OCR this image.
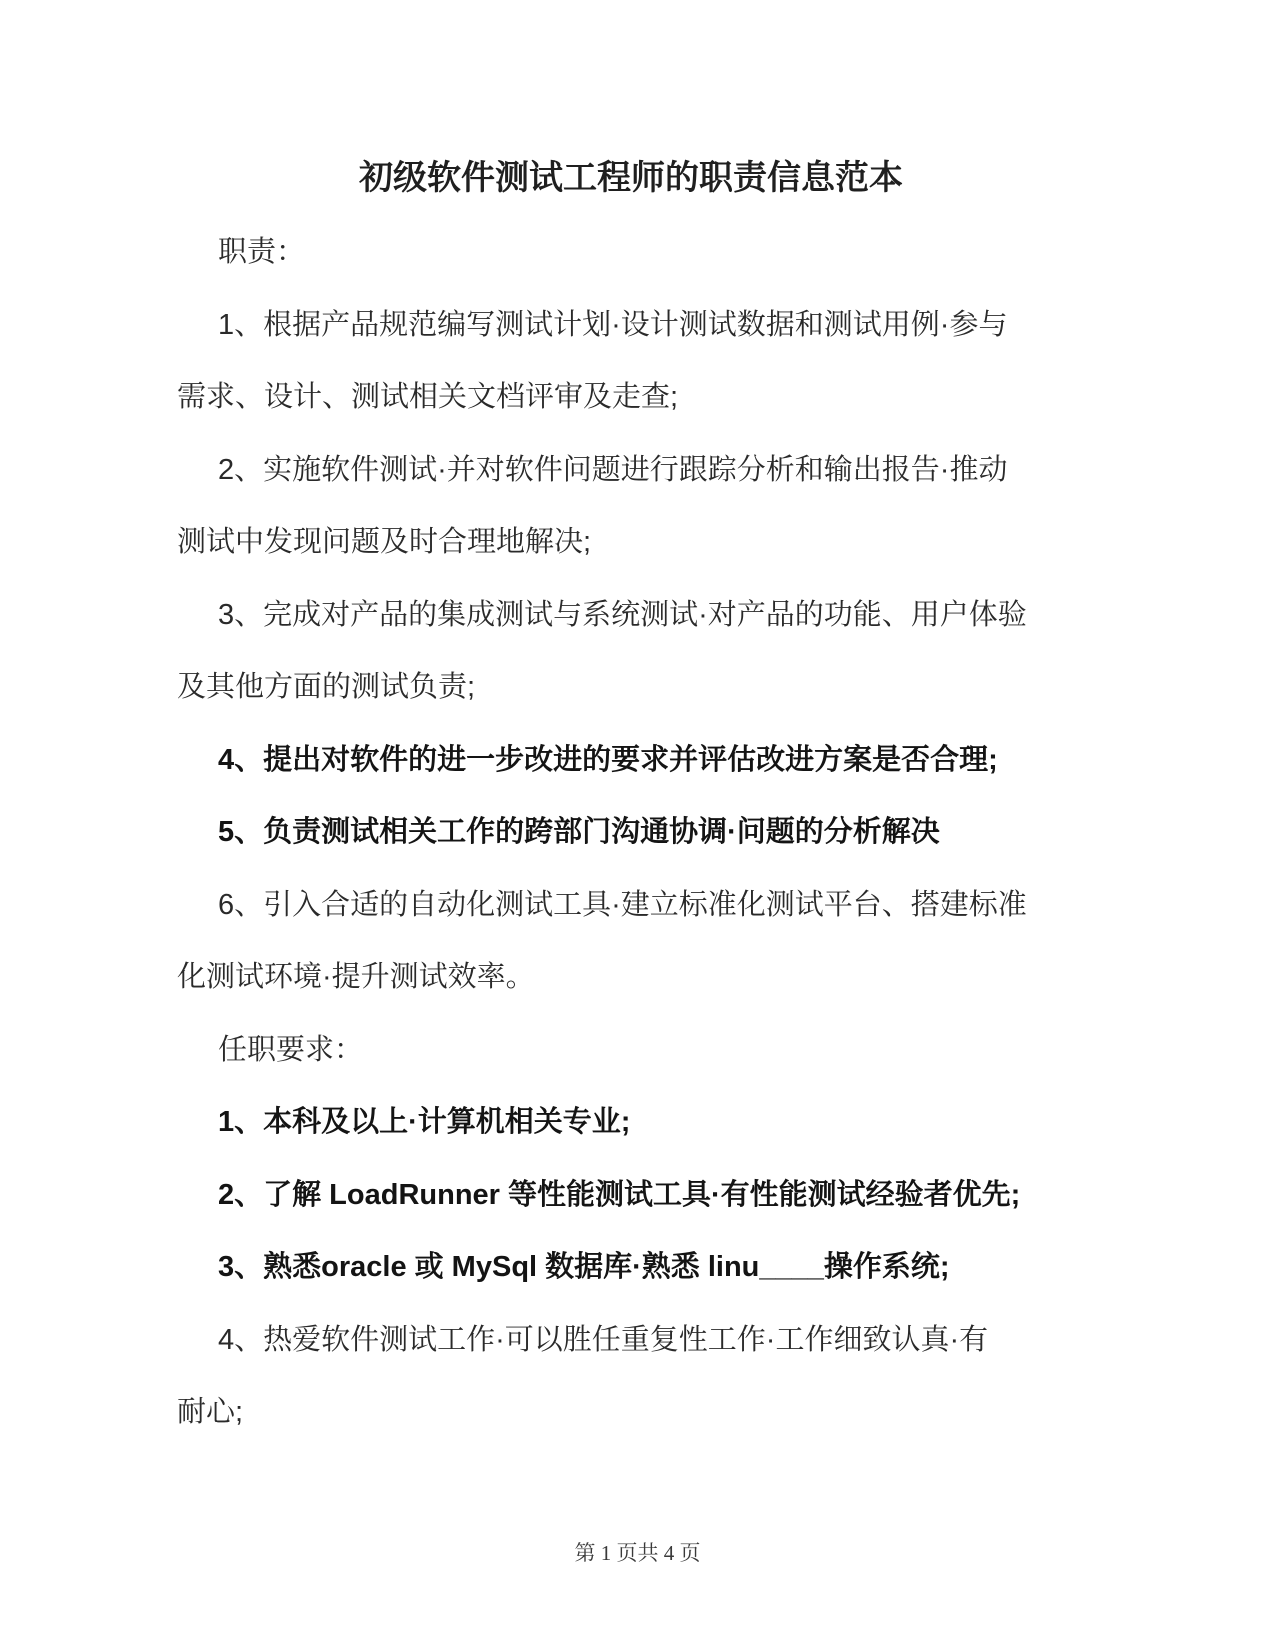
初级软件测试工程师的职责信息范本

职责：

1、根据产品规范编写测试计划·设计测试数据和测试用例·参与

需求、设计、测试相关文档评审及走查;

2、实施软件测试·并对软件问题进行跟踪分析和输出报告·推动

测试中发现问题及时合理地解决;

3、完成对产品的集成测试与系统测试·对产品的功能、用户体验

及其他方面的测试负责;

4、提出对软件的进一步改进的要求并评估改进方案是否合理;

5、负责测试相关工作的跨部门沟通协调·问题的分析解决

6、引入合适的自动化测试工具·建立标准化测试平台、搭建标准

化测试环境·提升测试效率。

任职要求：

1、本科及以上·计算机相关专业;

2、了解 LoadRunner 等性能测试工具·有性能测试经验者优先;

3、熟悉oracle 或 MySql 数据库·熟悉 linu____操作系统;

4、热爱软件测试工作·可以胜任重复性工作·工作细致认真·有

耐心;

第 1 页共 4 页
